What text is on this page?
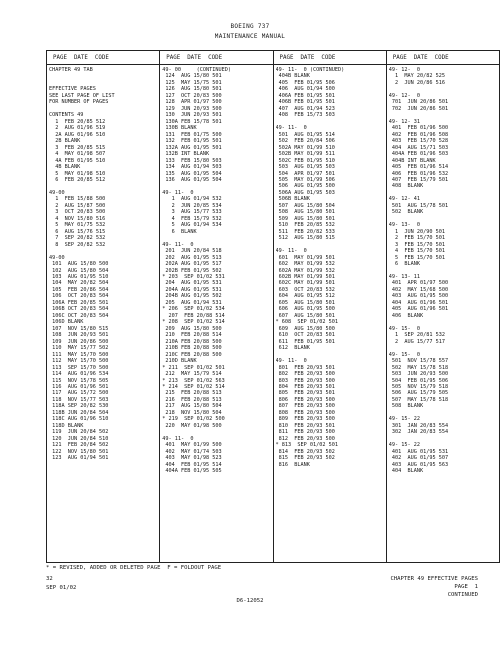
BOEING 737
MAINTENANCE MANUAL
PAGE  DATE  CODE
CHAPTER 49 TAB
EFFECTIVE PAGES
SEE LAST PAGE OF LIST
FOR NUMBER OF PAGES
CONTENTS 49
1  FEB 20/85 512
2  AUG 01/96 519
2A AUG 01/96 510
2B BLANK
3  FEB 20/85 515
4  MAY 01/98 507
4A FEB 01/95 510
4B BLANK
5  MAY 01/98 510
6  FEB 20/85 512
49-00
1  FEB 15/88 500
2  AUG 15/87 500
3  OCT 20/83 500
4  NOV 15/80 516
5  MAY 01/75 532
6  AUG 15/76 515
7  SEP 20/82 532
8  SEP 20/82 532
49-00
101  AUG 15/80 500
102  AUG 15/80 504
103  AUG 01/95 510
104  MAY 20/82 504
105  FEB 20/86 504
106  OCT 20/83 504
106A FEB 20/85 501
106B OCT 20/83 504
106C OCT 20/83 504
106D BLANK
107  NOV 15/80 515
108  JUN 20/93 501
109  JUN 20/86 500
110  MAY 15/77 502
111  MAY 15/70 500
112  MAY 15/70 500
113  SEP 15/70 500
114  AUG 01/96 534
115  NOV 15/78 505
116  AUG 01/96 501
117  AUG 15/72 500
118  NOV 15/77 503
118A SEP 20/82 530
118B JUN 20/84 504
118C AUG 01/96 510
118D BLANK
119  JUN 20/84 502
120  JUN 20/84 510
121  FEB 20/84 502
122  NOV 15/80 501
123  AUG 01/94 501
PAGE  DATE  CODE
49- 00     (CONTINUED)
124  AUG 15/80 501
125  MAY 15/75 501
126  AUG 15/80 501
127  OCT 20/83 500
128  APR 01/97 500
129  JUN 20/93 500
130  JUN 20/93 501
130A FEB 15/78 501
130B BLANK
131  FEB 01/75 500
132  FEB 01/95 501
132A AUG 01/95 501
132B INT BLANK
133  FEB 15/80 503
134  AUG 01/94 503
135  AUG 01/95 504
136  AUG 01/95 504
49- 11-  0
1  AUG 01/94 532
2  JUN 20/85 534
3  AUG 15/77 533
4  FEB 15/79 532
5  AUG 01/94 534
6  BLANK
49- 11-  0
201  JUN 20/84 518
202  AUG 01/95 513
202A AUG 01/95 517
202B FEB 01/95 502
* 203  SEP 01/02 531
204  AUG 01/95 531
204A AUG 01/95 531
204B AUG 01/95 502
205  AUG 01/94 531
* 206  SEP 01/02 534
207  FEB 20/88 514
* 208  SEP 01/02 514
209  AUG 15/80 500
210  FEB 20/88 514
210A FEB 20/88 500
210B FEB 20/88 500
210C FEB 20/88 500
210D BLANK
* 211  SEP 01/02 501
212  MAY 15/79 514
* 213  SEP 01/02 563
* 214  SEP 01/02 514
215  FEB 20/88 513
216  FEB 20/88 513
217  AUG 15/80 504
218  NOV 15/80 504
* 219  SEP 01/02 500
220  MAY 01/98 500
49- 11-  0
401  MAY 01/99 500
402  MAY 01/74 503
403  MAY 01/98 523
404  FEB 01/95 514
404A FEB 01/95 505
PAGE  DATE  CODE
49- 11-  0 (CONTINUED)
404B BLANK
405  FEB 01/95 506
406  AUG 01/94 500
406A FEB 01/95 501
406B FEB 01/95 501
407  AUG 01/94 523
408  FEB 15/73 503
49- 11-  0
501  AUG 01/95 514
502  FEB 20/84 506
502A MAY 01/99 510
502B MAY 01/99 511
502C FEB 01/95 510
503  AUG 01/95 503
504  APR 01/97 501
505  MAY 01/99 506
506  AUG 01/95 500
506A AUG 01/95 503
506B BLANK
507  AUG 15/80 504
508  AUG 15/80 501
509  AUG 15/80 501
510  FEB 20/85 532
511  FEB 20/82 533
512  AUG 15/80 515
49- 11-  0
601  MAY 01/99 501
602  MAY 01/99 532
602A MAY 01/99 532
602B MAY 01/99 501
602C MAY 01/99 501
603  OCT 20/83 532
604  AUG 01/95 512
605  AUG 15/80 501
606  AUG 01/95 500
607  AUG 15/80 501
* 608  SEP 01/02 501
609  AUG 15/80 500
610  OCT 20/83 501
611  FEB 01/95 501
612  BLANK
49- 11-  0
801  FEB 20/93 501
802  FEB 20/93 500
803  FEB 20/93 500
804  FEB 20/93 501
805  FEB 20/93 501
806  FEB 20/93 500
807  FEB 20/93 500
808  FEB 20/93 500
809  FEB 20/93 500
810  FEB 20/93 501
811  FEB 20/93 500
812  FEB 20/93 500
* 813  SEP 01/02 501
814  FEB 20/93 502
815  FEB 20/93 502
816  BLANK
PAGE  DATE  CODE
49- 12-  0
1  MAY 20/82 525
2  JUN 20/86 516
49- 12-  0
701  JUN 20/86 501
702  JUN 20/86 501
49- 12- 31
401  FEB 01/96 500
402  FEB 01/96 508
403  FEB 15/70 528
404  AUG 15/71 503
404A FEB 01/96 503
404B INT BLANK
405  FEB 01/96 514
406  FEB 01/96 532
407  FEB 15/79 501
408  BLANK
49- 12- 41
501  AUG 15/78 501
502  BLANK
49- 13-  0
1  JUN 20/90 501
2  FEB 15/70 501
3  FEB 15/70 501
4  FEB 15/70 501
5  FEB 15/70 501
6  BLANK
49- 13- 11
401  APR 01/97 500
402  MAY 15/68 500
403  AUG 01/95 500
404  AUG 01/96 501
405  AUG 01/96 501
406  BLANK
49- 15-  0
1  SEP 20/81 532
2  AUG 15/77 517
49- 15-  0
501  NOV 15/78 557
502  MAY 15/78 518
503  JUN 20/93 500
504  FEB 01/95 506
505  NOV 15/79 518
506  AUG 15/79 505
507  MAY 15/78 518
508  BLANK
49- 15- 22
301  JAN 20/83 554
302  JAN 20/83 554
49- 15- 22
401  AUG 01/95 531
402  AUG 01/95 507
403  AUG 01/95 563
404  BLANK
* = REVISED, ADDED OR DELETED PAGE  F = FOLDOUT PAGE
32
SEP 01/02
CHAPTER 49 EFFECTIVE PAGES
PAGE  1
CONTINUED
D6-12052
